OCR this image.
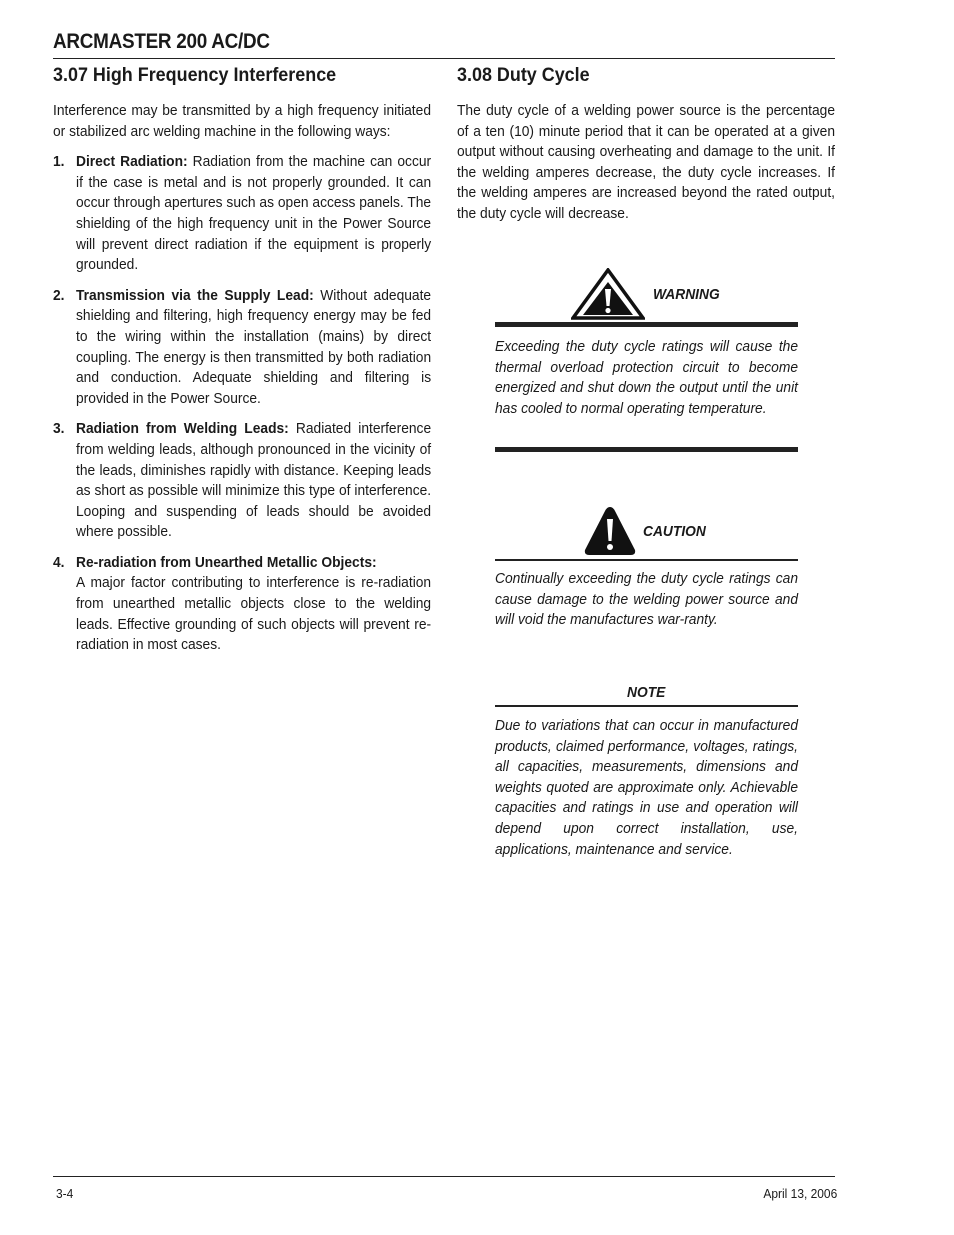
ARCMASTER 200 AC/DC
3.07 High Frequency Interference

Interference may be transmitted by a high frequency initiated or stabilized arc welding machine in the following ways:

1. Direct Radiation: Radiation from the machine can occur if the case is metal and is not properly grounded. It can occur through apertures such as open access panels. The shielding of the high frequency unit in the Power Source will prevent direct radiation if the equipment is properly grounded.

2. Transmission via the Supply Lead: Without adequate shielding and filtering, high frequency energy may be fed to the wiring within the installation (mains) by direct coupling. The energy is then transmitted by both radiation and conduction. Adequate shielding and filtering is provided in the Power Source.

3. Radiation from Welding Leads: Radiated interference from welding leads, although pronounced in the vicinity of the leads, diminishes rapidly with distance. Keeping leads as short as possible will minimize this type of interference. Looping and suspending of leads should be avoided where possible.

4. Re-radiation from Unearthed Metallic Objects:
A major factor contributing to interference is re-radiation from unearthed metallic objects close to the welding leads. Effective grounding of such objects will prevent re-radiation in most cases.

3.08 Duty Cycle

The duty cycle of a welding power source is the percentage of a ten (10) minute period that it can be operated at a given output without causing overheating and damage to the unit. If the welding amperes decrease, the duty cycle increases. If the welding amperes are increased beyond the rated output, the duty cycle will decrease.

WARNING

Exceeding the duty cycle ratings will cause the thermal overload protection circuit to become energized and shut down the output until the unit has cooled to normal operating temperature.

CAUTION

Continually exceeding the duty cycle ratings can cause damage to the welding power source and will void the manufactures war-ranty.

NOTE

Due to variations that can occur in manufactured products, claimed performance, voltages, ratings, all capacities, measurements, dimensions and weights quoted are approximate only. Achievable capacities and ratings in use and operation will depend upon correct installation, use, applications, maintenance and service.

3-4	April 13, 2006
